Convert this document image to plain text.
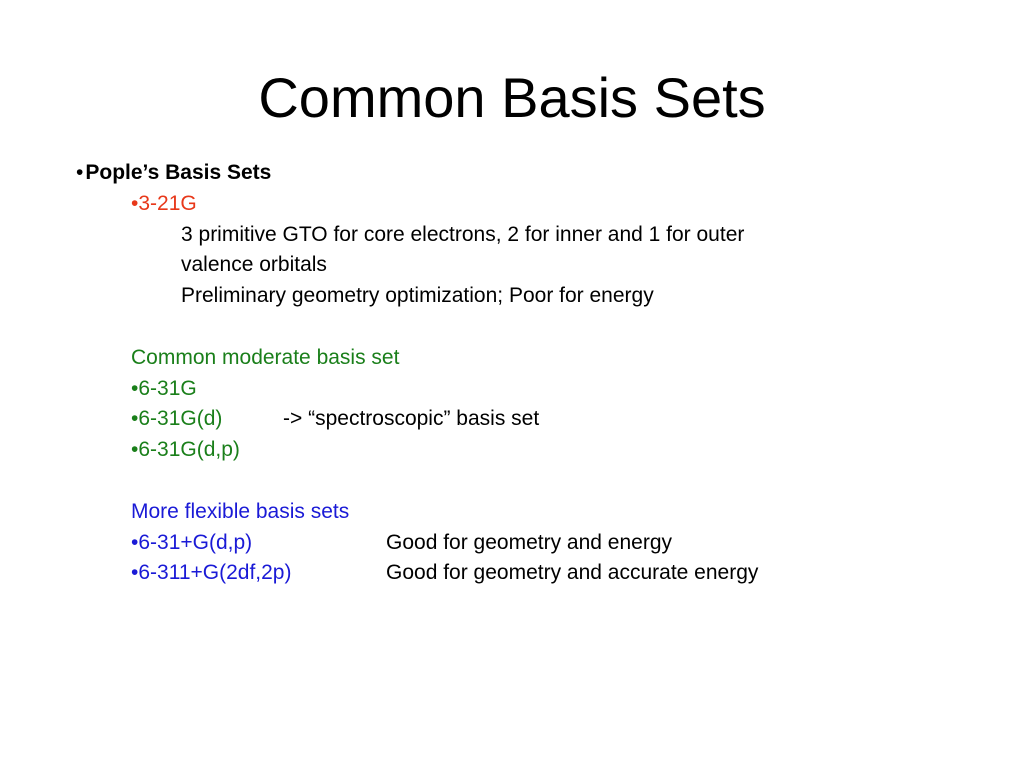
Common Basis Sets
•Pople’s Basis Sets
•3-21G
3 primitive GTO for core electrons, 2 for inner and 1 for outer
valence orbitals
Preliminary geometry optimization; Poor for energy
Common moderate basis set
•6-31G
•6-31G(d)	-> “spectroscopic” basis set
•6-31G(d,p)
More flexible basis sets
•6-31+G(d,p)	Good for geometry and energy
•6-311+G(2df,2p)	Good for geometry and accurate energy
